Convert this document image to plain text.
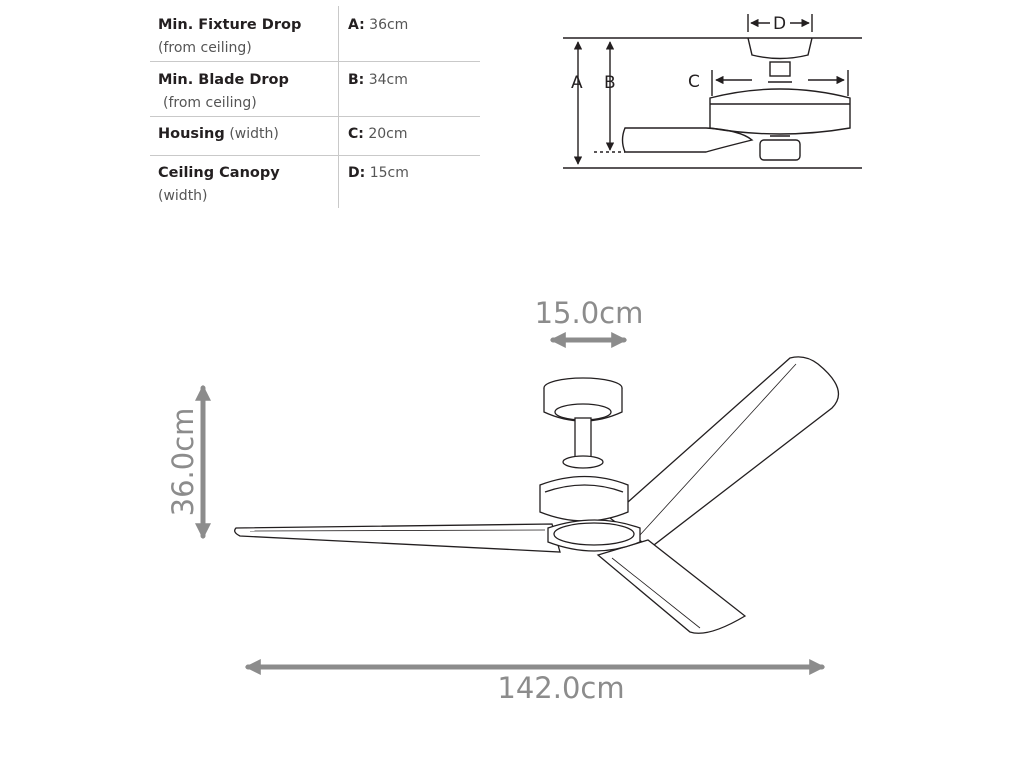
Min. Fixture Drop
(from ceiling)
A: 36cm
Min. Blade Drop
(from ceiling)
B: 34cm
Housing (width)	C: 20cm
Ceiling Canopy
(width)
D: 15cm
A B	C
D
15.0cm
36.0cm
142.0cm
